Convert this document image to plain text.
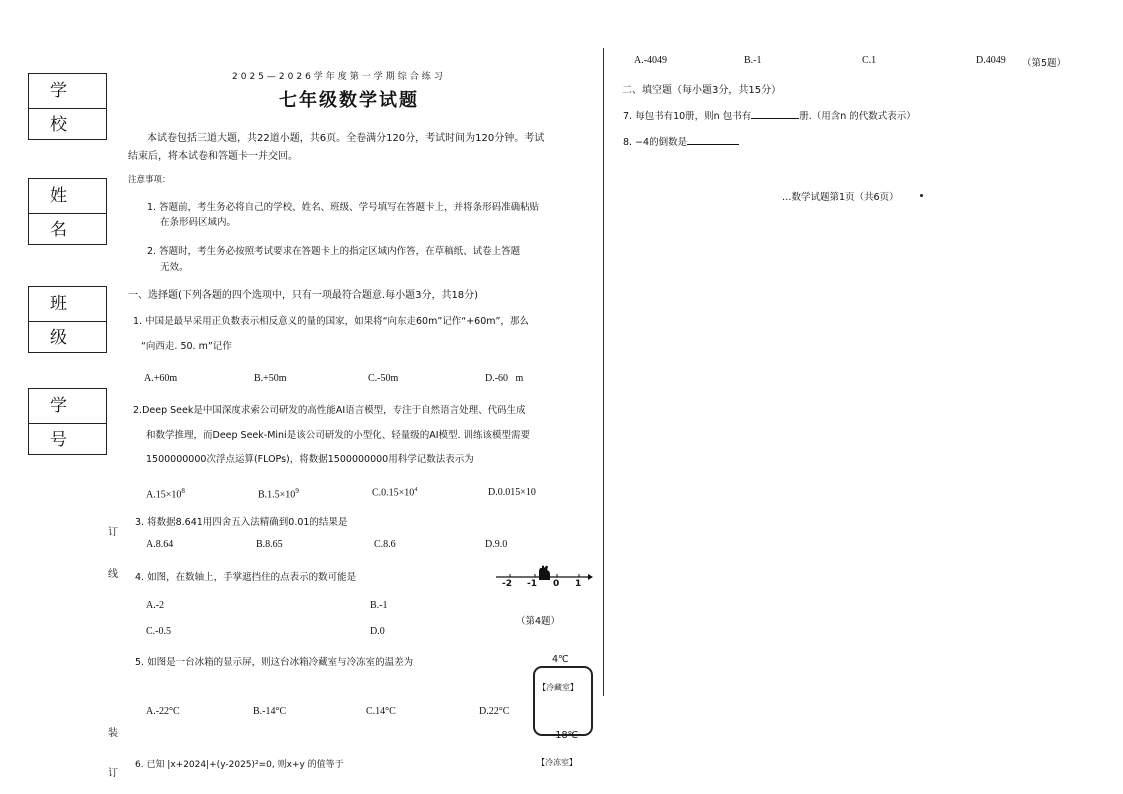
学 校
姓 名
班 级
学 号
订
线
装
订
2025—2026学年度第一学期综合练习
七年级数学试题
本试卷包括三道大题，共22道小题，共6页。全卷满分120分，考试时间为120分钟。考试
结束后，将本试卷和答题卡一并交回。
注意事项：
1. 答题前，考生务必将自己的学校、姓名、班级、学号填写在答题卡上，并将条形码准确粘贴
在条形码区域内。
2. 答题时，考生务必按照考试要求在答题卡上的指定区域内作答，在草稿纸、试卷上答题
无效。
一、选择题(下列各题的四个选项中，只有一项最符合题意.每小题3分，共18分)
1. 中国是最早采用正负数表示相反意义的量的国家，如果将“向东走60m”记作“+60m”，那么
“向西走. 50. m”记作
A.+60m	B.+50m	C.-50m	D.-60   m
2.Deep Seek是中国深度求索公司研发的高性能AI语言模型，专注于自然语言处理、代码生成
和数学推理，而Deep Seek-Mini是该公司研发的小型化、轻量级的AI模型. 训练该模型需要
1500000000次浮点运算(FLOPs)，将数据1500000000用科学记数法表示为
$A.15\times 10^8$	$B.1.5\times 10^9$	$C.0.15\times 10^4$	D.0.015×10
3. 将数据8.641用四舍五入法精确到0.01的结果是
A.8.64	B.8.65	C.8.6	D.9.0
4. 如图，在数轴上，手掌遮挡住的点表示的数可能是
A.-2	B.-1
C.-0.5	D.0
-2 -1 0 1
（第4题）
5. 如图是一台冰箱的显示屏，则这台冰箱冷藏室与冷冻室的温差为
A.-22°C	B.-14°C	C.14°C	D.22°C
4℃
【冷藏室】
-18℃
【冷冻室】
6. 已知 |x+2024|+(y-2025)²=0, 则x+y 的值等于
A.-4049	B.-1	C.1	D.4049 （第5题）
二、填空题（每小题3分，共15分）
7. 每包书有10册，则n 包书有	册.（用含n 的代数式表示）
8. −4的倒数是
…数学试题第1页（共6页）
